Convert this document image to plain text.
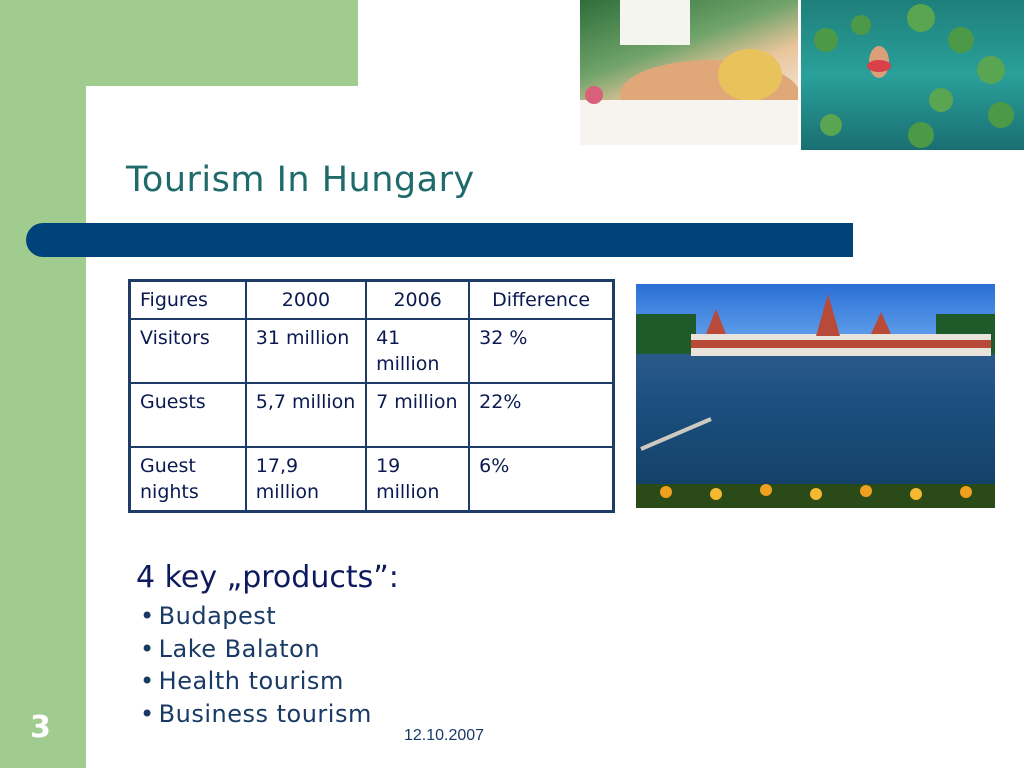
Tourism In Hungary
Figures	2000	2006	Difference
Visitors	31 million	41 million	32 %
Guests	5,7 million	7 million	22%
Guest nights	17,9 million	19 million	6%
4 key „products”:
• Budapest
• Lake Balaton
• Health tourism
• Business tourism
3	12.10.2007
